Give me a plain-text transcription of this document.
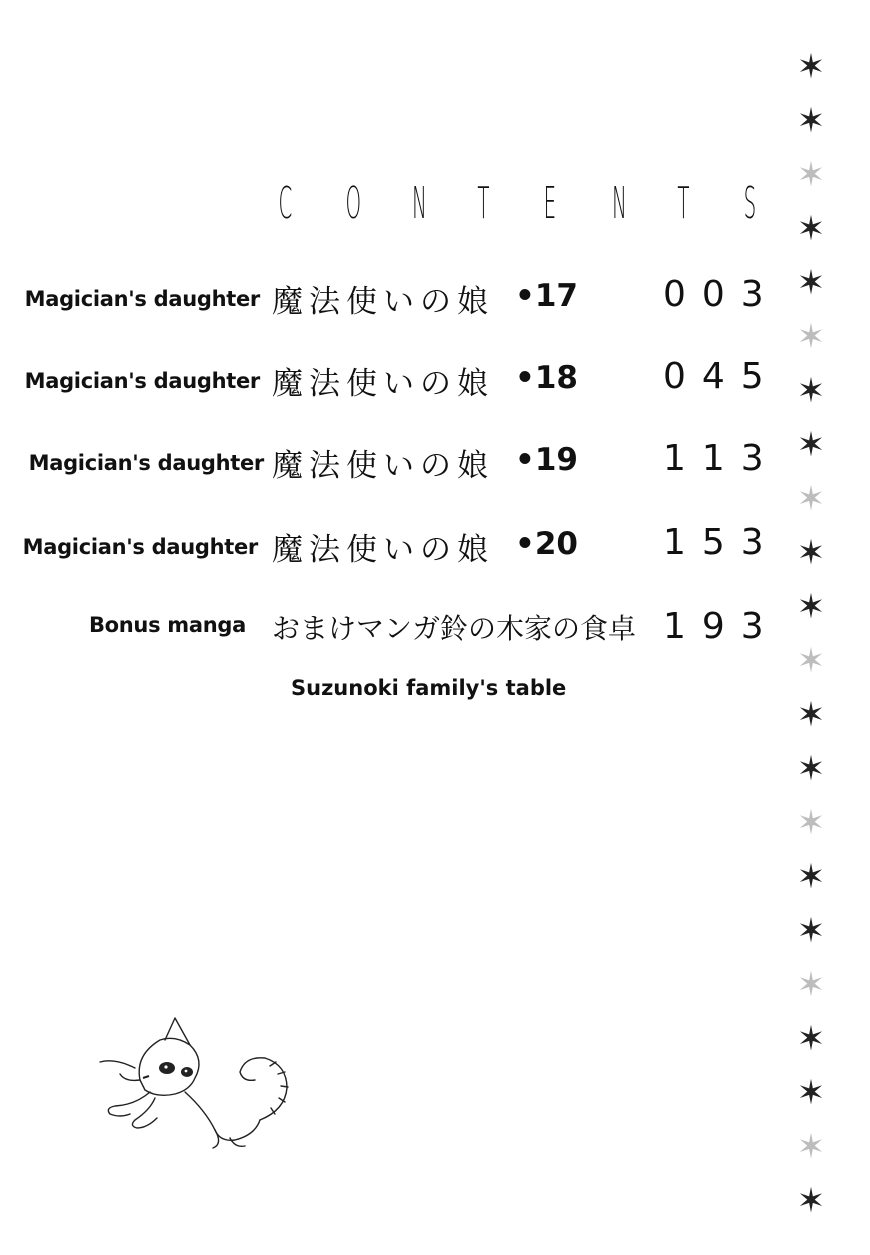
C O N T E N T S
Magician's daughter 魔法使いの娘 •17 003
Magician's daughter 魔法使いの娘 •18 045
Magician's daughter 魔法使いの娘 •19 113
Magician's daughter 魔法使いの娘 •20 153
Bonus manga おまけマンガ鈴の木家の食卓 193
Suzunoki family's table
✶
✶
✶
✶
✶
✶
✶
✶
✶
✶
✶
✶
✶
✶
✶
✶
✶
✶
✶
✶
✶
✶
